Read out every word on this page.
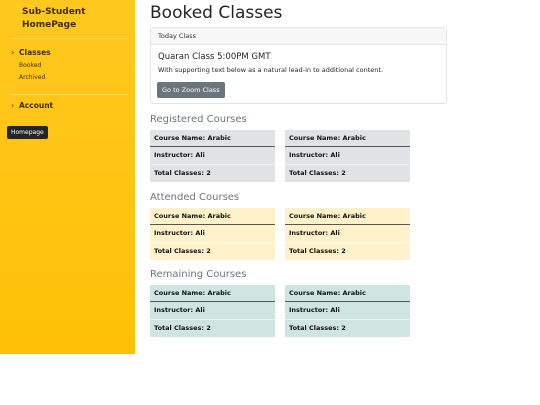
Sub-Student HomePage
› Classes
Booked
Archived
› Account
Homepage
Booked Classes
Today Class
Quaran Class 5:00PM GMT
With supporting text below as a natural lead-in to additional content.
Go to Zoom Class
Registered Courses
Course Name: Arabic
Instructor: Ali
Total Classes: 2
Course Name: Arabic
Instructor: Ali
Total Classes: 2
Attended Courses
Course Name: Arabic
Instructor: Ali
Total Classes: 2
Course Name: Arabic
Instructor: Ali
Total Classes: 2
Remaining Courses
Course Name: Arabic
Instructor: Ali
Total Classes: 2
Course Name: Arabic
Instructor: Ali
Total Classes: 2
